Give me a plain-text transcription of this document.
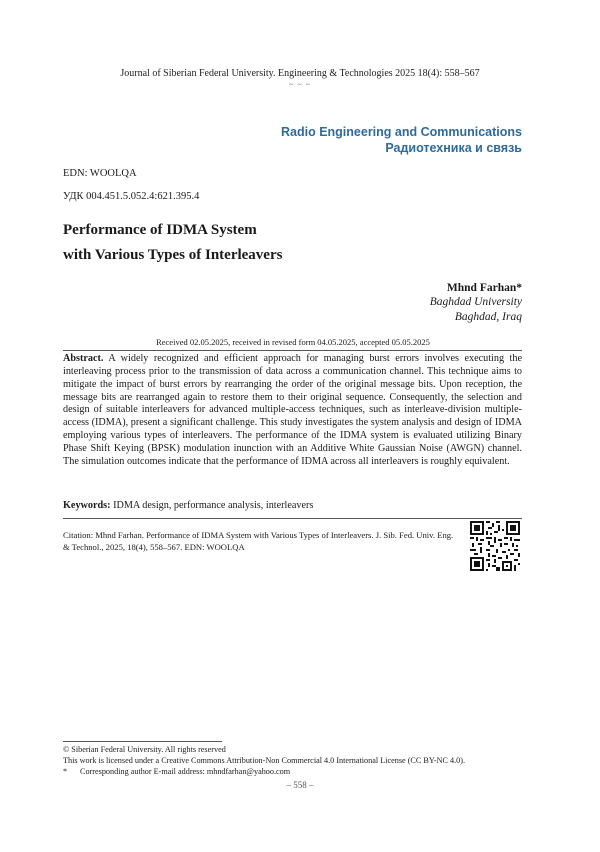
Journal of Siberian Federal University. Engineering & Technologies 2025 18(4): 558–567
~ ~ ~
Radio Engineering and Communications
Радиотехника и связь
EDN: WOOLQA
УДК 004.451.5.052.4:621.395.4
Performance of IDMA System
with Various Types of Interleavers
Mhnd Farhan*
Baghdad University
Baghdad, Iraq
Received 02.05.2025, received in revised form 04.05.2025, accepted 05.05.2025
Abstract. A widely recognized and efficient approach for managing burst errors involves executing the interleaving process prior to the transmission of data across a communication channel. This technique aims to mitigate the impact of burst errors by rearranging the order of the original message bits. Upon reception, the message bits are rearranged again to restore them to their original sequence. Consequently, the selection and design of suitable interleavers for advanced multiple-access techniques, such as interleave-division multiple-access (IDMA), present a significant challenge. This study investigates the system analysis and design of IDMA employing various types of interleavers. The performance of the IDMA system is evaluated utilizing Binary Phase Shift Keying (BPSK) modulation inunction with an Additive White Gaussian Noise (AWGN) channel. The simulation outcomes indicate that the performance of IDMA across all interleavers is roughly equivalent.
Keywords: IDMA design, performance analysis, interleavers
Citation: Mhnd Farhan. Performance of IDMA System with Various Types of Interleavers. J. Sib. Fed. Univ. Eng. & Technol., 2025, 18(4), 558–567. EDN: WOOLQA
© Siberian Federal University. All rights reserved
This work is licensed under a Creative Commons Attribution-Non Commercial 4.0 International License (CC BY-NC 4.0).
* Corresponding author E-mail address: mhndfarhan@yahoo.com
– 558 –
